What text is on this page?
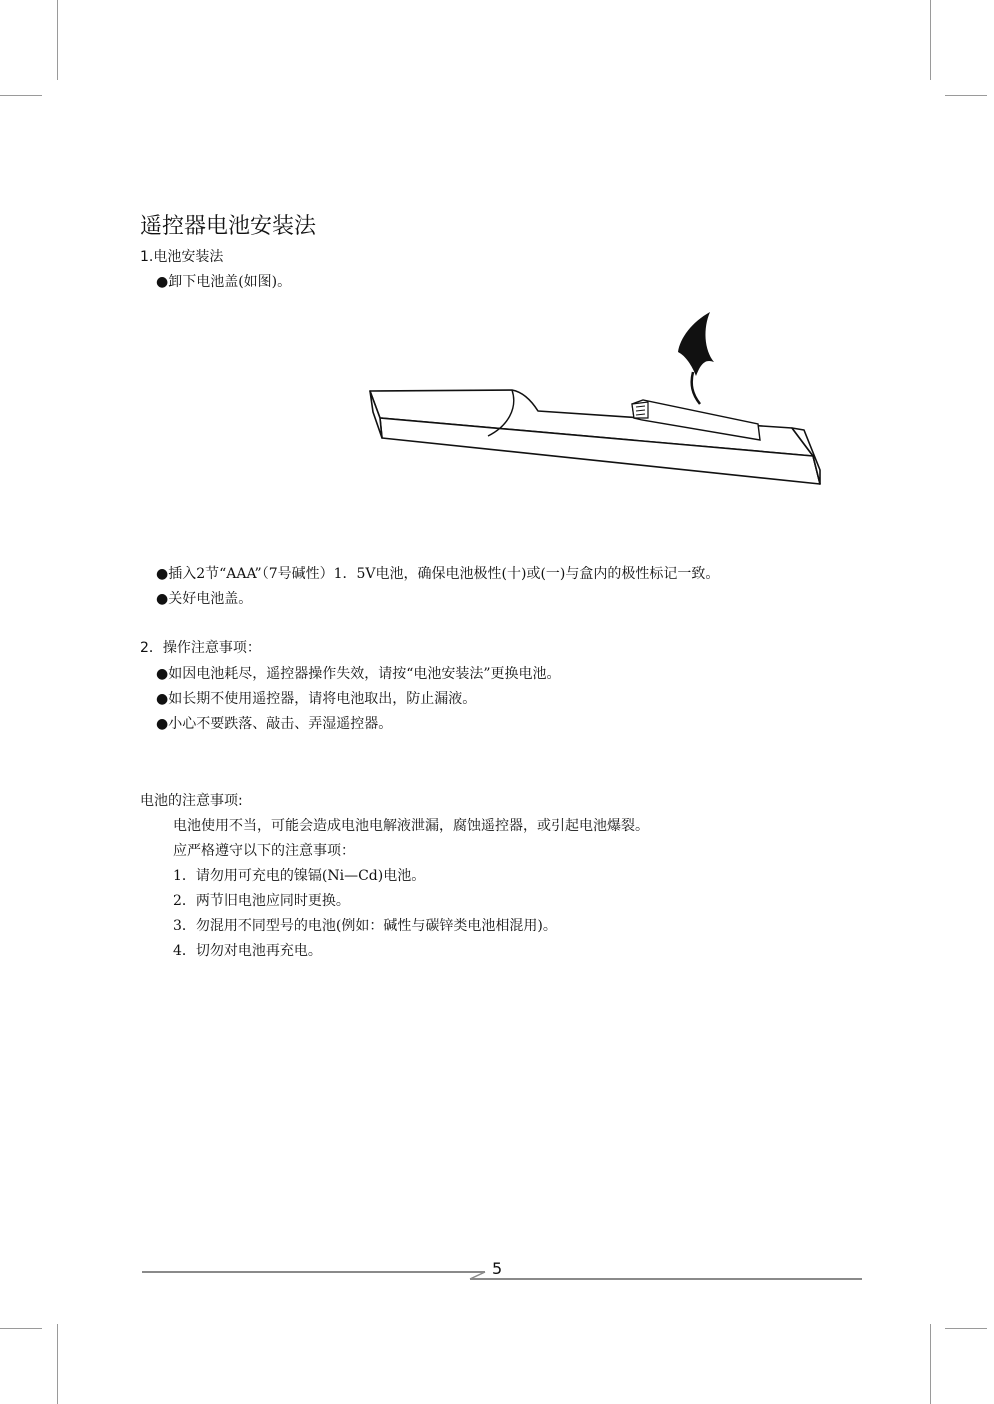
遥控器电池安装法
1.电池安装法

●卸下电池盖(如图)。

●插入2节“AAA”（7号碱性）1．5V电池，确保电池极性(十)或(一)与盒内的极性标记一致。

●关好电池盖。

2．操作注意事项：

●如因电池耗尽，遥控器操作失效，请按“电池安装法”更换电池。

●如长期不使用遥控器，请将电池取出，防止漏液。

●小心不要跌落、敲击、弄湿遥控器。

电池的注意事项:

电池使用不当，可能会造成电池电解液泄漏，腐蚀遥控器，或引起电池爆裂。

应严格遵守以下的注意事项：

1．请勿用可充电的镍镉(Ni—Cd)电池。

2．两节旧电池应同时更换。

3．勿混用不同型号的电池(例如：碱性与碳锌类电池相混用)。

4．切勿对电池再充电。

5
